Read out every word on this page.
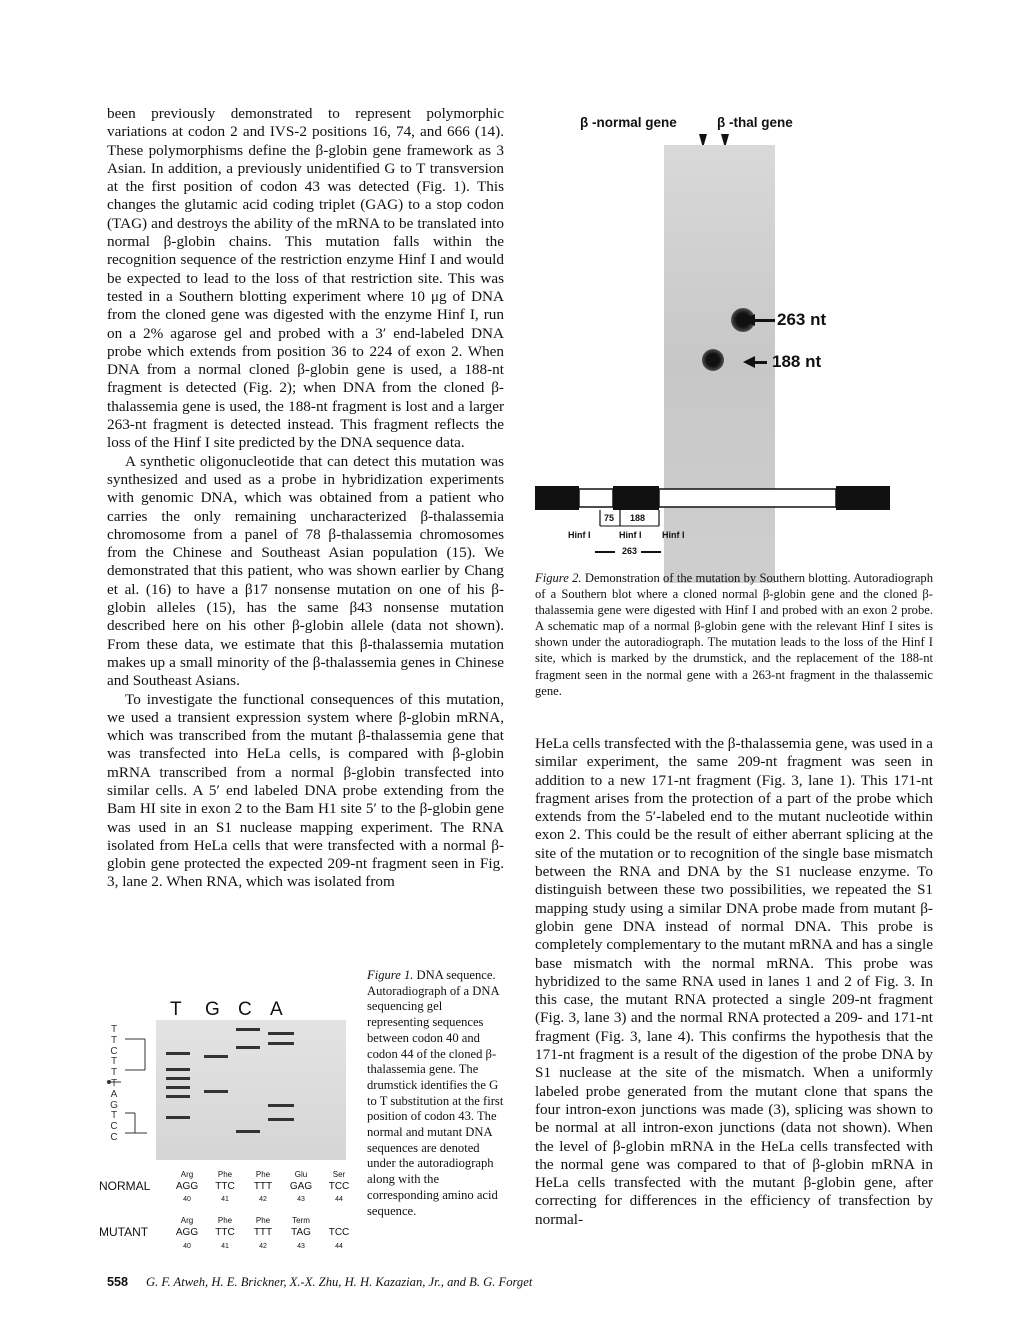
been previously demonstrated to represent polymorphic variations at codon 2 and IVS-2 positions 16, 74, and 666 (14). These polymorphisms define the β-globin gene framework as 3 Asian. In addition, a previously unidentified G to T transversion at the first position of codon 43 was detected (Fig. 1). This changes the glutamic acid coding triplet (GAG) to a stop codon (TAG) and destroys the ability of the mRNA to be translated into normal β-globin chains. This mutation falls within the recognition sequence of the restriction enzyme Hinf I and would be expected to lead to the loss of that restriction site. This was tested in a Southern blotting experiment where 10 μg of DNA from the cloned gene was digested with the enzyme Hinf I, run on a 2% agarose gel and probed with a 3′ end-labeled DNA probe which extends from position 36 to 224 of exon 2. When DNA from a normal cloned β-globin gene is used, a 188-nt fragment is detected (Fig. 2); when DNA from the cloned β-thalassemia gene is used, the 188-nt fragment is lost and a larger 263-nt fragment is detected instead. This fragment reflects the loss of the Hinf I site predicted by the DNA sequence data.

A synthetic oligonucleotide that can detect this mutation was synthesized and used as a probe in hybridization experiments with genomic DNA, which was obtained from a patient who carries the only remaining uncharacterized β-thalassemia chromosome from a panel of 78 β-thalassemia chromosomes from the Chinese and Southeast Asian population (15). We demonstrated that this patient, who was shown earlier by Chang et al. (16) to have a β17 nonsense mutation on one of his β-globin alleles (15), has the same β43 nonsense mutation described here on his other β-globin allele (data not shown). From these data, we estimate that this β-thalassemia mutation makes up a small minority of the β-thalassemia genes in Chinese and Southeast Asians.

To investigate the functional consequences of this mutation, we used a transient expression system where β-globin mRNA, which was transcribed from the mutant β-thalassemia gene that was transfected into HeLa cells, is compared with β-globin mRNA transcribed from a normal β-globin transfected into similar cells. A 5′ end labeled DNA probe extending from the Bam HI site in exon 2 to the Bam H1 site 5′ to the β-globin gene was used in an S1 nuclease mapping experiment. The RNA isolated from HeLa cells that were transfected with a normal β-globin gene protected the expected 209-nt fragment seen in Fig. 3, lane 2. When RNA, which was isolated from

β -normal gene	β -thal gene
263 nt
188 nt
75 188
Hinf I	Hinf I Hinf I
263
Figure 2. Demonstration of the mutation by Southern blotting. Autoradiograph of a Southern blot where a cloned normal β-globin gene and the cloned β-thalassemia gene were digested with Hinf I and probed with an exon 2 probe. A schematic map of a normal β-globin gene with the relevant Hinf I sites is shown under the autoradiograph. The mutation leads to the loss of the Hinf I site, which is marked by the drumstick, and the replacement of the 188-nt fragment seen in the normal gene with a 263-nt fragment in the thalassemic gene.

HeLa cells transfected with the β-thalassemia gene, was used in a similar experiment, the same 209-nt fragment was seen in addition to a new 171-nt fragment (Fig. 3, lane 1). This 171-nt fragment arises from the protection of a part of the probe which extends from the 5′-labeled end to the mutant nucleotide within exon 2. This could be the result of either aberrant splicing at the site of the mutation or to recognition of the single base mismatch between the RNA and DNA by the S1 nuclease enzyme. To distinguish between these two possibilities, we repeated the S1 mapping study using a similar DNA probe made from mutant β-globin gene DNA instead of normal DNA. This probe is completely complementary to the mutant mRNA and has a single base mismatch with the normal mRNA. This probe was hybridized to the same RNA used in lanes 1 and 2 of Fig. 3. In this case, the mutant RNA protected a single 209-nt fragment (Fig. 3, lane 3) and the normal RNA protected a 209- and 171-nt fragment (Fig. 3, lane 4). This confirms the hypothesis that the 171-nt fragment is a result of the digestion of the probe DNA by S1 nuclease at the site of the mismatch. When a uniformly labeled probe generated from the mutant clone that spans the four intron-exon junctions was made (3), splicing was shown to be normal at all intron-exon junctions (data not shown). When the level of β-globin mRNA in the HeLa cells transfected with the normal gene was compared to that of β-globin mRNA in HeLa cells transfected with the mutant β-globin gene, after correcting for differences in the efficiency of transfection by normal-

T G C A
T
T
C
T
T
T
A
G
T
C
C
Arg	Phe	Phe	Glu	Ser
NORMAL	AGG	TTC	TTT	GAG	TCC
40	41	42	43	44
Arg	Phe	Phe	Term
MUTANT	AGG	TTC	TTT	TAG	TCC
40	41	42	43	44
Figure 1. DNA sequence. Autoradiograph of a DNA sequencing gel representing sequences between codon 40 and codon 44 of the cloned β-thalassemia gene. The drumstick identifies the G to T substitution at the first position of codon 43. The normal and mutant DNA sequences are denoted under the autoradiograph along with the corresponding amino acid sequence.
558 G. F. Atweh, H. E. Brickner, X.-X. Zhu, H. H. Kazazian, Jr., and B. G. Forget
